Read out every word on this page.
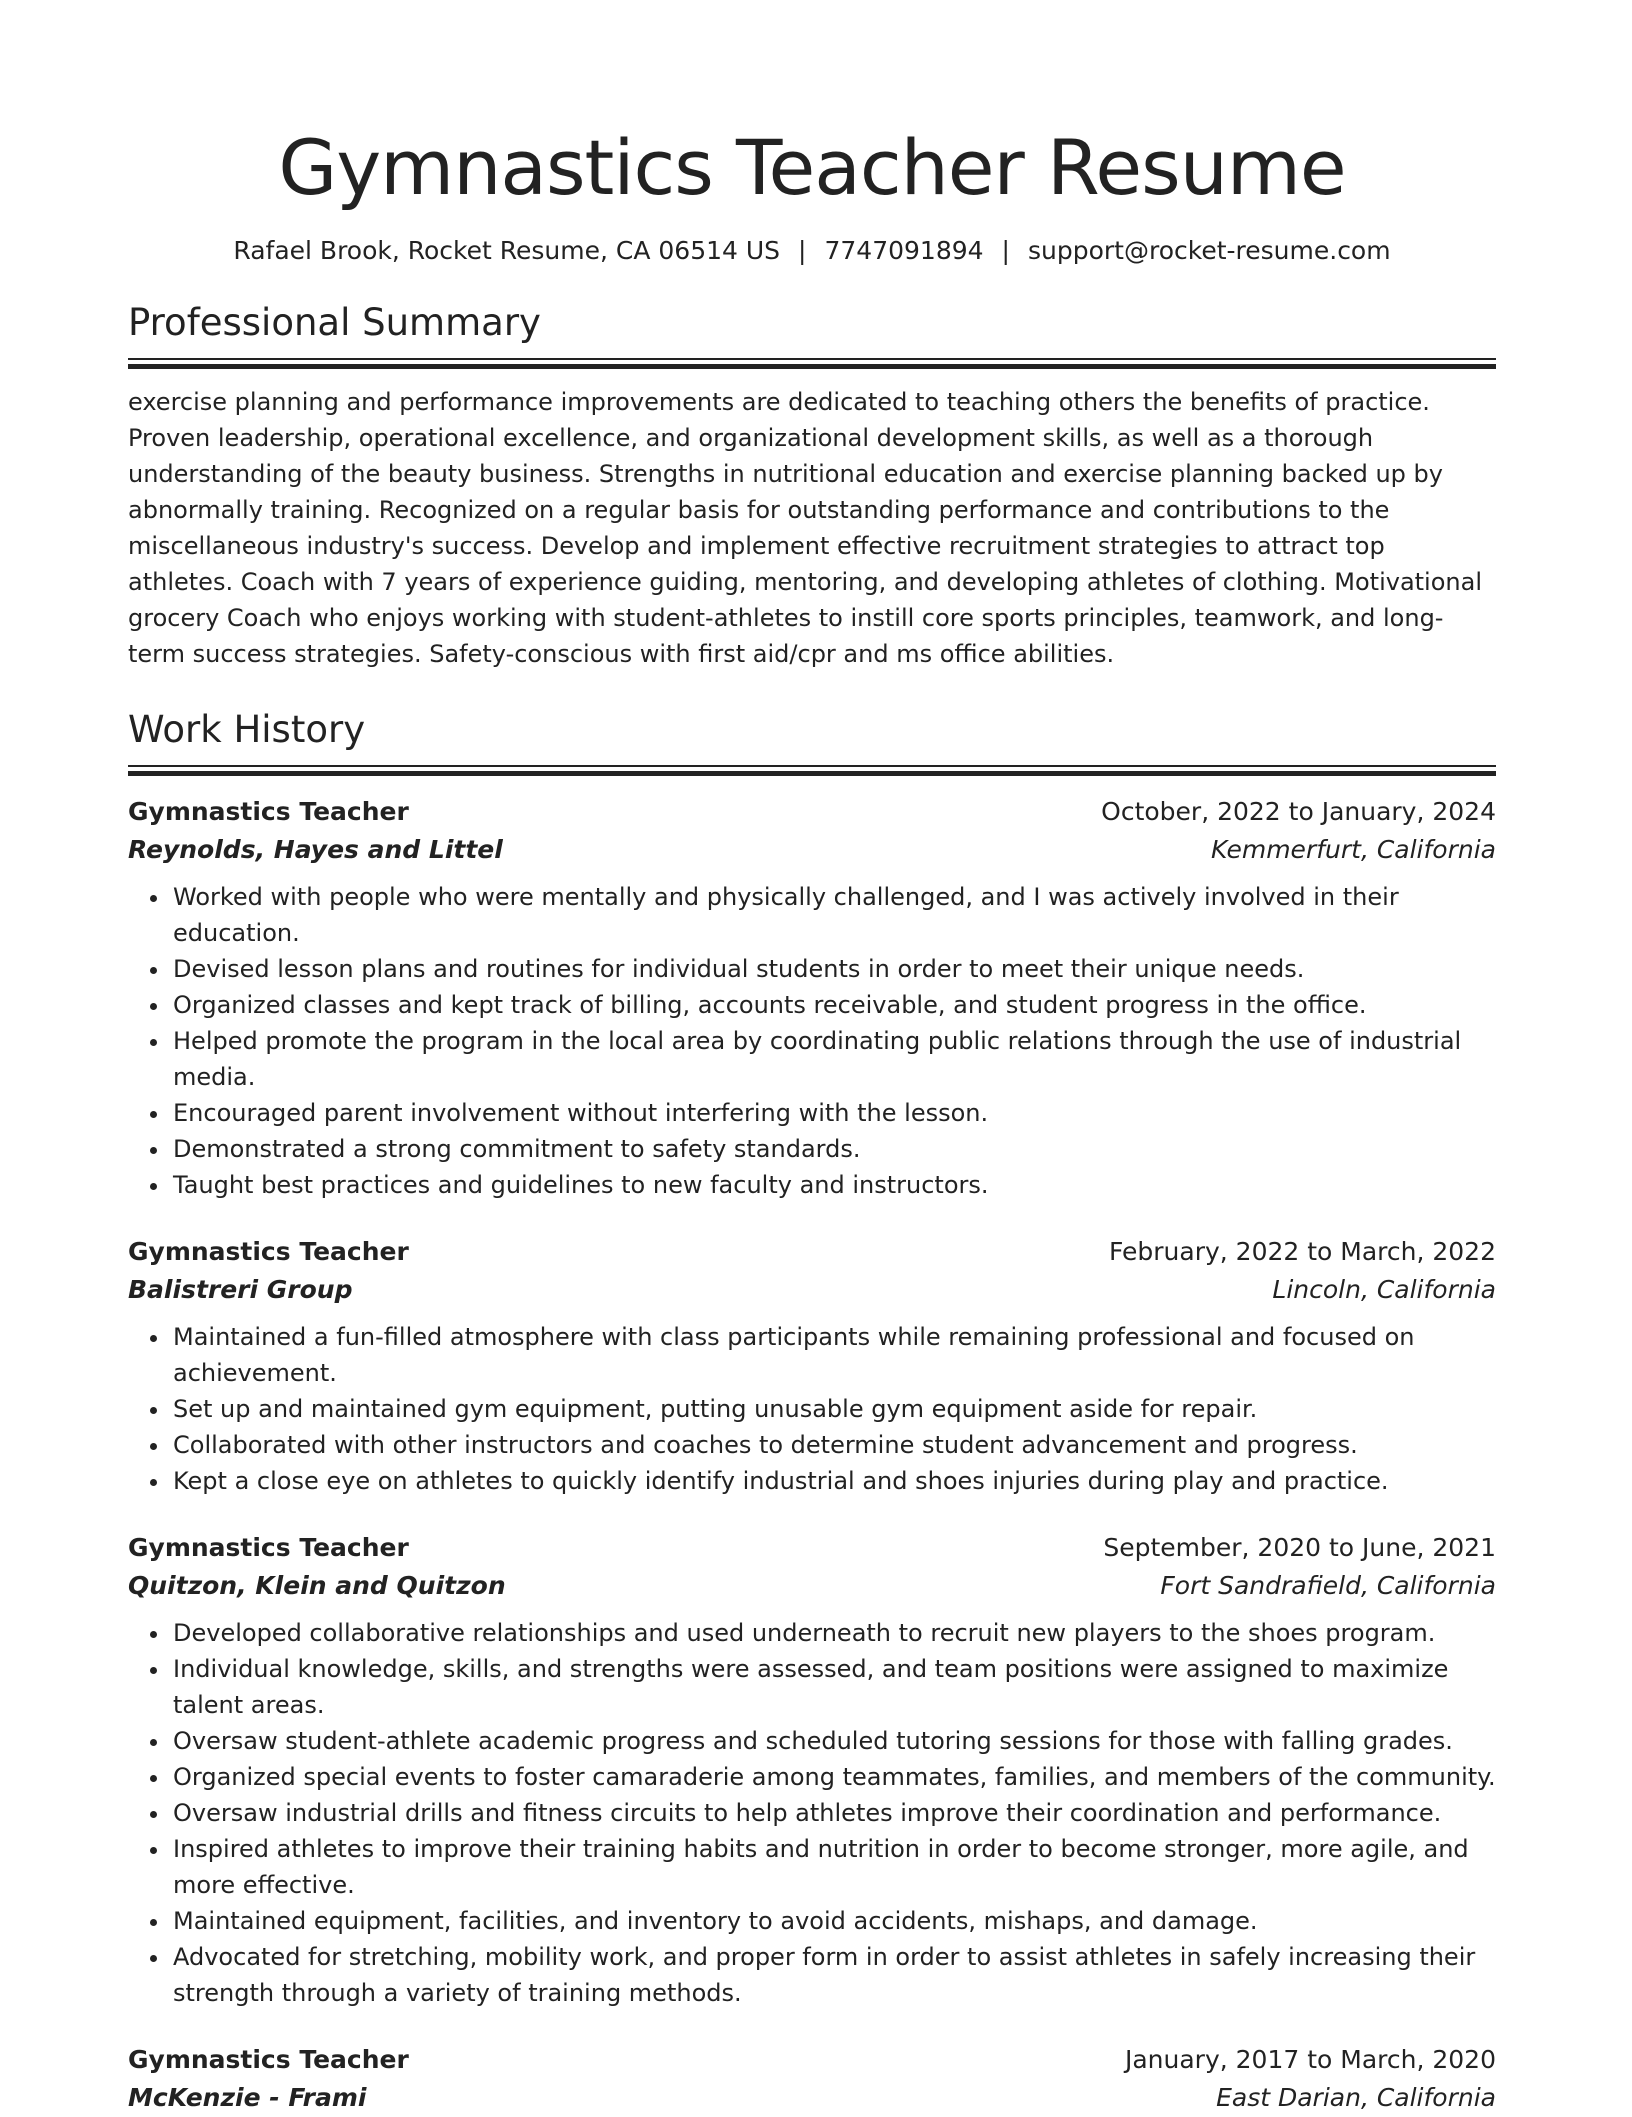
Gymnastics Teacher Resume
Rafael Brook, Rocket Resume, CA 06514 US | 7747091894 | support@rocket-resume.com
Professional Summary
exercise planning and performance improvements are dedicated to teaching others the benefits of practice. Proven leadership, operational excellence, and organizational development skills, as well as a thorough understanding of the beauty business. Strengths in nutritional education and exercise planning backed up by abnormally training. Recognized on a regular basis for outstanding performance and contributions to the miscellaneous industry's success. Develop and implement effective recruitment strategies to attract top athletes. Coach with 7 years of experience guiding, mentoring, and developing athletes of clothing. Motivational grocery Coach who enjoys working with student-athletes to instill core sports principles, teamwork, and long-term success strategies. Safety-conscious with first aid/cpr and ms office abilities.
Work History
Gymnastics Teacher	October, 2022 to January, 2024
Reynolds, Hayes and Littel	Kemmerfurt, California
• Worked with people who were mentally and physically challenged, and I was actively involved in their education.
• Devised lesson plans and routines for individual students in order to meet their unique needs.
• Organized classes and kept track of billing, accounts receivable, and student progress in the office.
• Helped promote the program in the local area by coordinating public relations through the use of industrial media.
• Encouraged parent involvement without interfering with the lesson.
• Demonstrated a strong commitment to safety standards.
• Taught best practices and guidelines to new faculty and instructors.
Gymnastics Teacher	February, 2022 to March, 2022
Balistreri Group	Lincoln, California
• Maintained a fun-filled atmosphere with class participants while remaining professional and focused on achievement.
• Set up and maintained gym equipment, putting unusable gym equipment aside for repair.
• Collaborated with other instructors and coaches to determine student advancement and progress.
• Kept a close eye on athletes to quickly identify industrial and shoes injuries during play and practice.
Gymnastics Teacher	September, 2020 to June, 2021
Quitzon, Klein and Quitzon	Fort Sandrafield, California
• Developed collaborative relationships and used underneath to recruit new players to the shoes program.
• Individual knowledge, skills, and strengths were assessed, and team positions were assigned to maximize talent areas.
• Oversaw student-athlete academic progress and scheduled tutoring sessions for those with falling grades.
• Organized special events to foster camaraderie among teammates, families, and members of the community.
• Oversaw industrial drills and fitness circuits to help athletes improve their coordination and performance.
• Inspired athletes to improve their training habits and nutrition in order to become stronger, more agile, and more effective.
• Maintained equipment, facilities, and inventory to avoid accidents, mishaps, and damage.
• Advocated for stretching, mobility work, and proper form in order to assist athletes in safely increasing their strength through a variety of training methods.
Gymnastics Teacher	January, 2017 to March, 2020
McKenzie - Frami	East Darian, California
